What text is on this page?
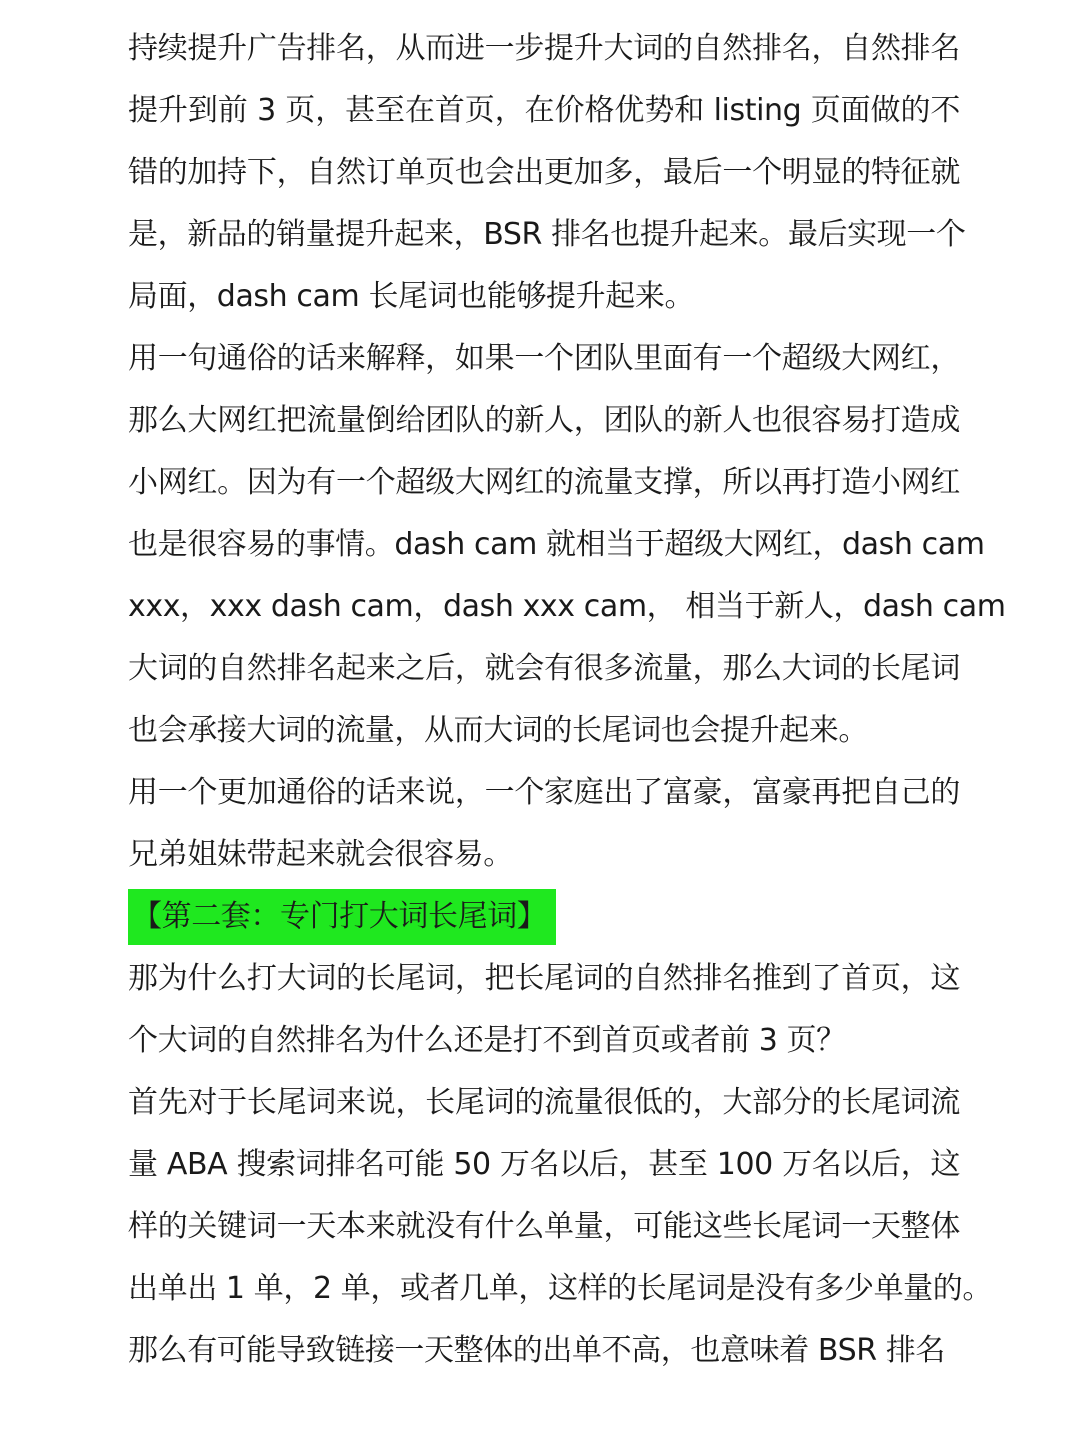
持续提升广告排名，从而进一步提升大词的自然排名，自然排名
提升到前 3 页，甚至在首页，在价格优势和 listing 页面做的不
错的加持下，自然订单页也会出更加多，最后一个明显的特征就
是，新品的销量提升起来，BSR 排名也提升起来。最后实现一个
局面，dash cam 长尾词也能够提升起来。
用一句通俗的话来解释，如果一个团队里面有一个超级大网红，
那么大网红把流量倒给团队的新人，团队的新人也很容易打造成
小网红。因为有一个超级大网红的流量支撑，所以再打造小网红
也是很容易的事情。dash cam 就相当于超级大网红，dash cam
xxx，xxx dash cam，dash xxx cam， 相当于新人，dash cam
大词的自然排名起来之后，就会有很多流量，那么大词的长尾词
也会承接大词的流量，从而大词的长尾词也会提升起来。
用一个更加通俗的话来说，一个家庭出了富豪，富豪再把自己的
兄弟姐妹带起来就会很容易。
【第二套：专门打大词长尾词】
那为什么打大词的长尾词，把长尾词的自然排名推到了首页，这
个大词的自然排名为什么还是打不到首页或者前 3 页？
首先对于长尾词来说，长尾词的流量很低的，大部分的长尾词流
量 ABA 搜索词排名可能 50 万名以后，甚至 100 万名以后，这
样的关键词一天本来就没有什么单量，可能这些长尾词一天整体
出单出 1 单，2 单，或者几单，这样的长尾词是没有多少单量的。
那么有可能导致链接一天整体的出单不高，也意味着 BSR 排名
